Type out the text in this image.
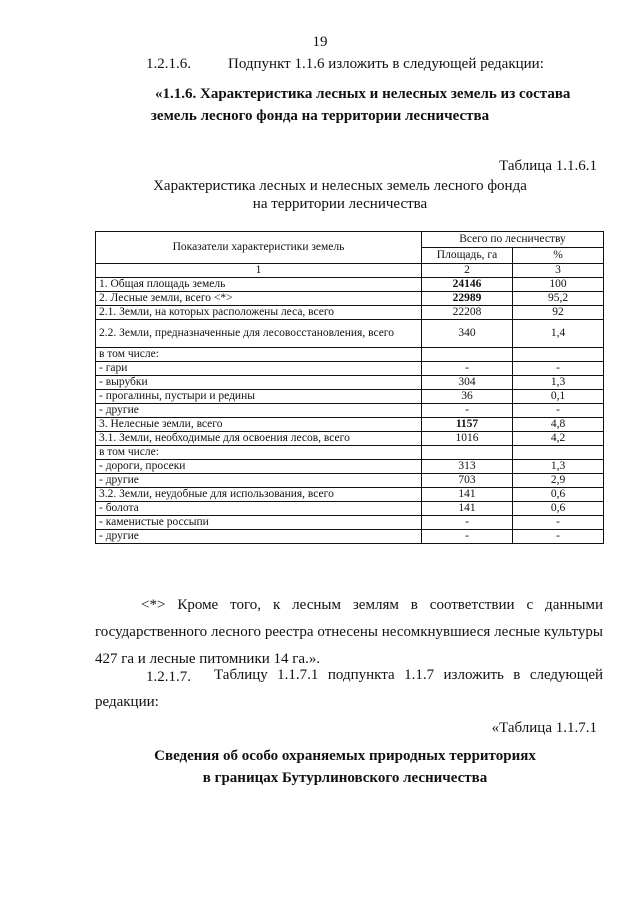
19
1.2.1.6. Подпункт 1.1.6 изложить в следующей редакции:
«1.1.6. Характеристика лесных и нелесных земель из состава
земель лесного фонда на территории лесничества
Таблица 1.1.6.1
Характеристика лесных и нелесных земель лесного фонда
на территории лесничества
Показатели характеристики земель	Всего по лесничеству	
	Площадь, га	%
1	2	3
1. Общая площадь земель	24146	100
2. Лесные земли, всего <*>	22989	95,2
2.1. Земли, на которых расположены леса, всего	22208	92
2.2. Земли, предназначенные для лесовосстановления, всего	340	1,4
в том числе:		
- гари	-	-
- вырубки	304	1,3
- прогалины, пустыри и редины	36	0,1
- другие	-	-
3. Нелесные земли, всего	1157	4,8
3.1. Земли, необходимые для освоения лесов, всего	1016	4,2
в том числе:		
- дороги, просеки	313	1,3
- другие	703	2,9
3.2. Земли, неудобные для использования, всего	141	0,6
- болота	141	0,6
- каменистые россыпи	-	-
- другие	-	-
<*> Кроме того, к лесным землям в соответствии с данными государственного лесного реестра отнесены несомкнувшиеся лесные культуры 427 га и лесные питомники 14 га.».
1.2.1.7.	Таблицу 1.1.7.1 подпункта 1.1.7 изложить в следующей редакции:
«Таблица 1.1.7.1
Сведения об особо охраняемых природных территориях
в границах Бутурлиновского лесничества
